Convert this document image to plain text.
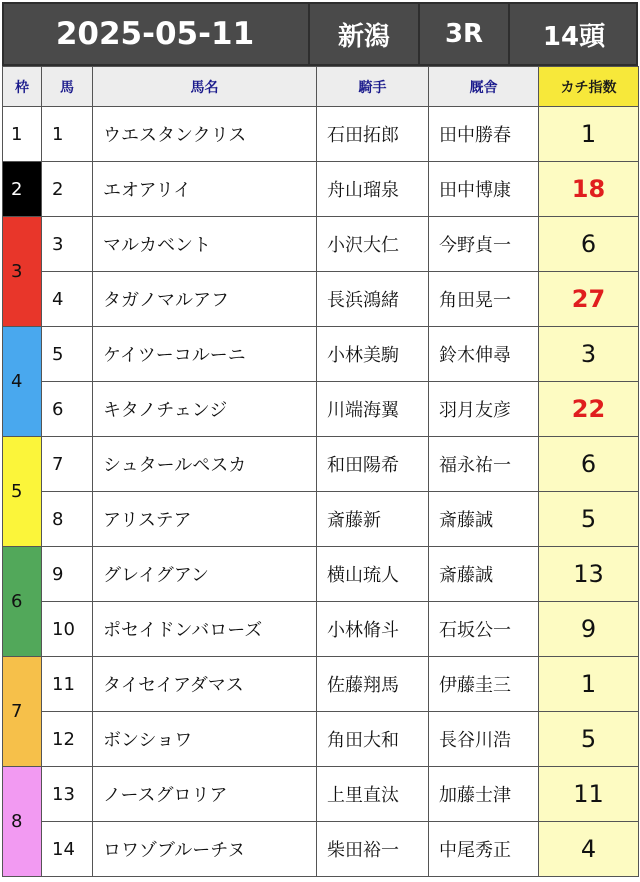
2025-05-11	新潟	3R	14頭
枠	馬	馬名	騎手	厩舎	カチ指数
1	1	ウエスタンクリス	石田拓郎	田中勝春	1
2	2	エオアリイ	舟山瑠泉	田中博康	18
3	3	マルカベント	小沢大仁	今野貞一	6
	4	タガノマルアフ	長浜鴻緒	角田晃一	27
4	5	ケイツーコルーニ	小林美駒	鈴木伸尋	3
	6	キタノチェンジ	川端海翼	羽月友彦	22
5	7	シュタールペスカ	和田陽希	福永祐一	6
	8	アリステア	斎藤新	斎藤誠	5
6	9	グレイグアン	横山琉人	斎藤誠	13
	10	ポセイドンバローズ	小林脩斗	石坂公一	9
7	11	タイセイアダマス	佐藤翔馬	伊藤圭三	1
	12	ボンショワ	角田大和	長谷川浩	5
8	13	ノースグロリア	上里直汰	加藤士津	11
	14	ロワゾブルーチヌ	柴田裕一	中尾秀正	4
